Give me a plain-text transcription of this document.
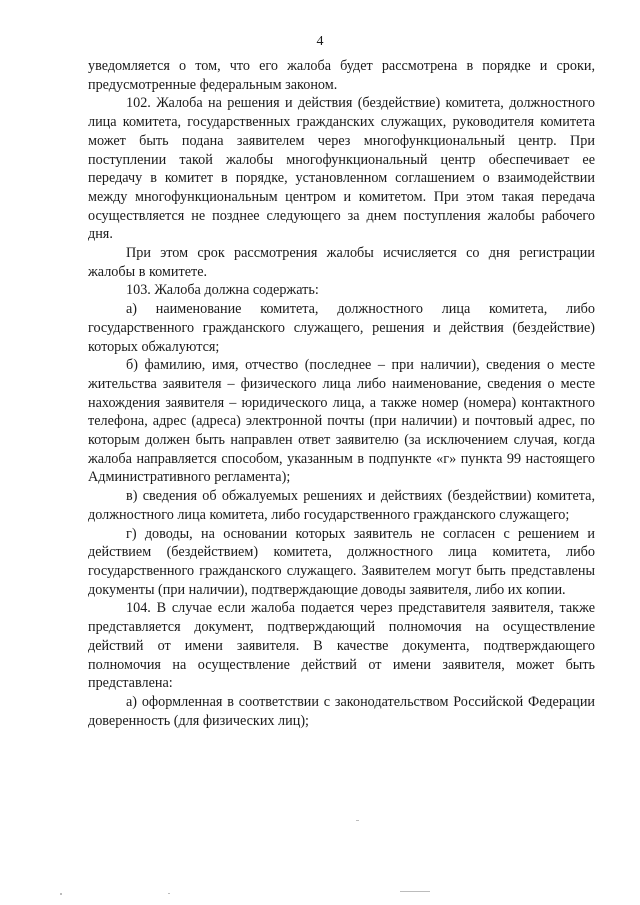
4

уведомляется о том, что его жалоба будет рассмотрена в порядке и сроки, предусмотренные федеральным законом.

102. Жалоба на решения и действия (бездействие) комитета, должностного лица комитета, государственных гражданских служащих, руководителя комитета может быть подана заявителем через многофункциональный центр. При поступлении такой жалобы многофункциональный центр обеспечивает ее передачу в комитет в порядке, установленном соглашением о взаимодействии между многофункциональным центром и комитетом. При этом такая передача осуществляется не позднее следующего за днем поступления жалобы рабочего дня.

При этом срок рассмотрения жалобы исчисляется со дня регистрации жалобы в комитете.

103. Жалоба должна содержать:

а) наименование комитета, должностного лица комитета, либо государственного гражданского служащего, решения и действия (бездействие) которых обжалуются;

б) фамилию, имя, отчество (последнее – при наличии), сведения о месте жительства заявителя – физического лица либо наименование, сведения о месте нахождения заявителя – юридического лица, а также номер (номера) контактного телефона, адрес (адреса) электронной почты (при наличии) и почтовый адрес, по которым должен быть направлен ответ заявителю (за исключением случая, когда жалоба направляется способом, указанным в подпункте «г» пункта 99 настоящего Административного регламента);

в) сведения об обжалуемых решениях и действиях (бездействии) комитета, должностного лица комитета, либо государственного гражданского служащего;

г) доводы, на основании которых заявитель не согласен с решением и действием (бездействием) комитета, должностного лица комитета, либо государственного гражданского служащего. Заявителем могут быть представлены документы (при наличии), подтверждающие доводы заявителя, либо их копии.

104. В случае если жалоба подается через представителя заявителя, также представляется документ, подтверждающий полномочия на осуществление действий от имени заявителя. В качестве документа, подтверждающего полномочия на осуществление действий от имени заявителя, может быть представлена:

а) оформленная в соответствии с законодательством Российской Федерации доверенность (для физических лиц);
